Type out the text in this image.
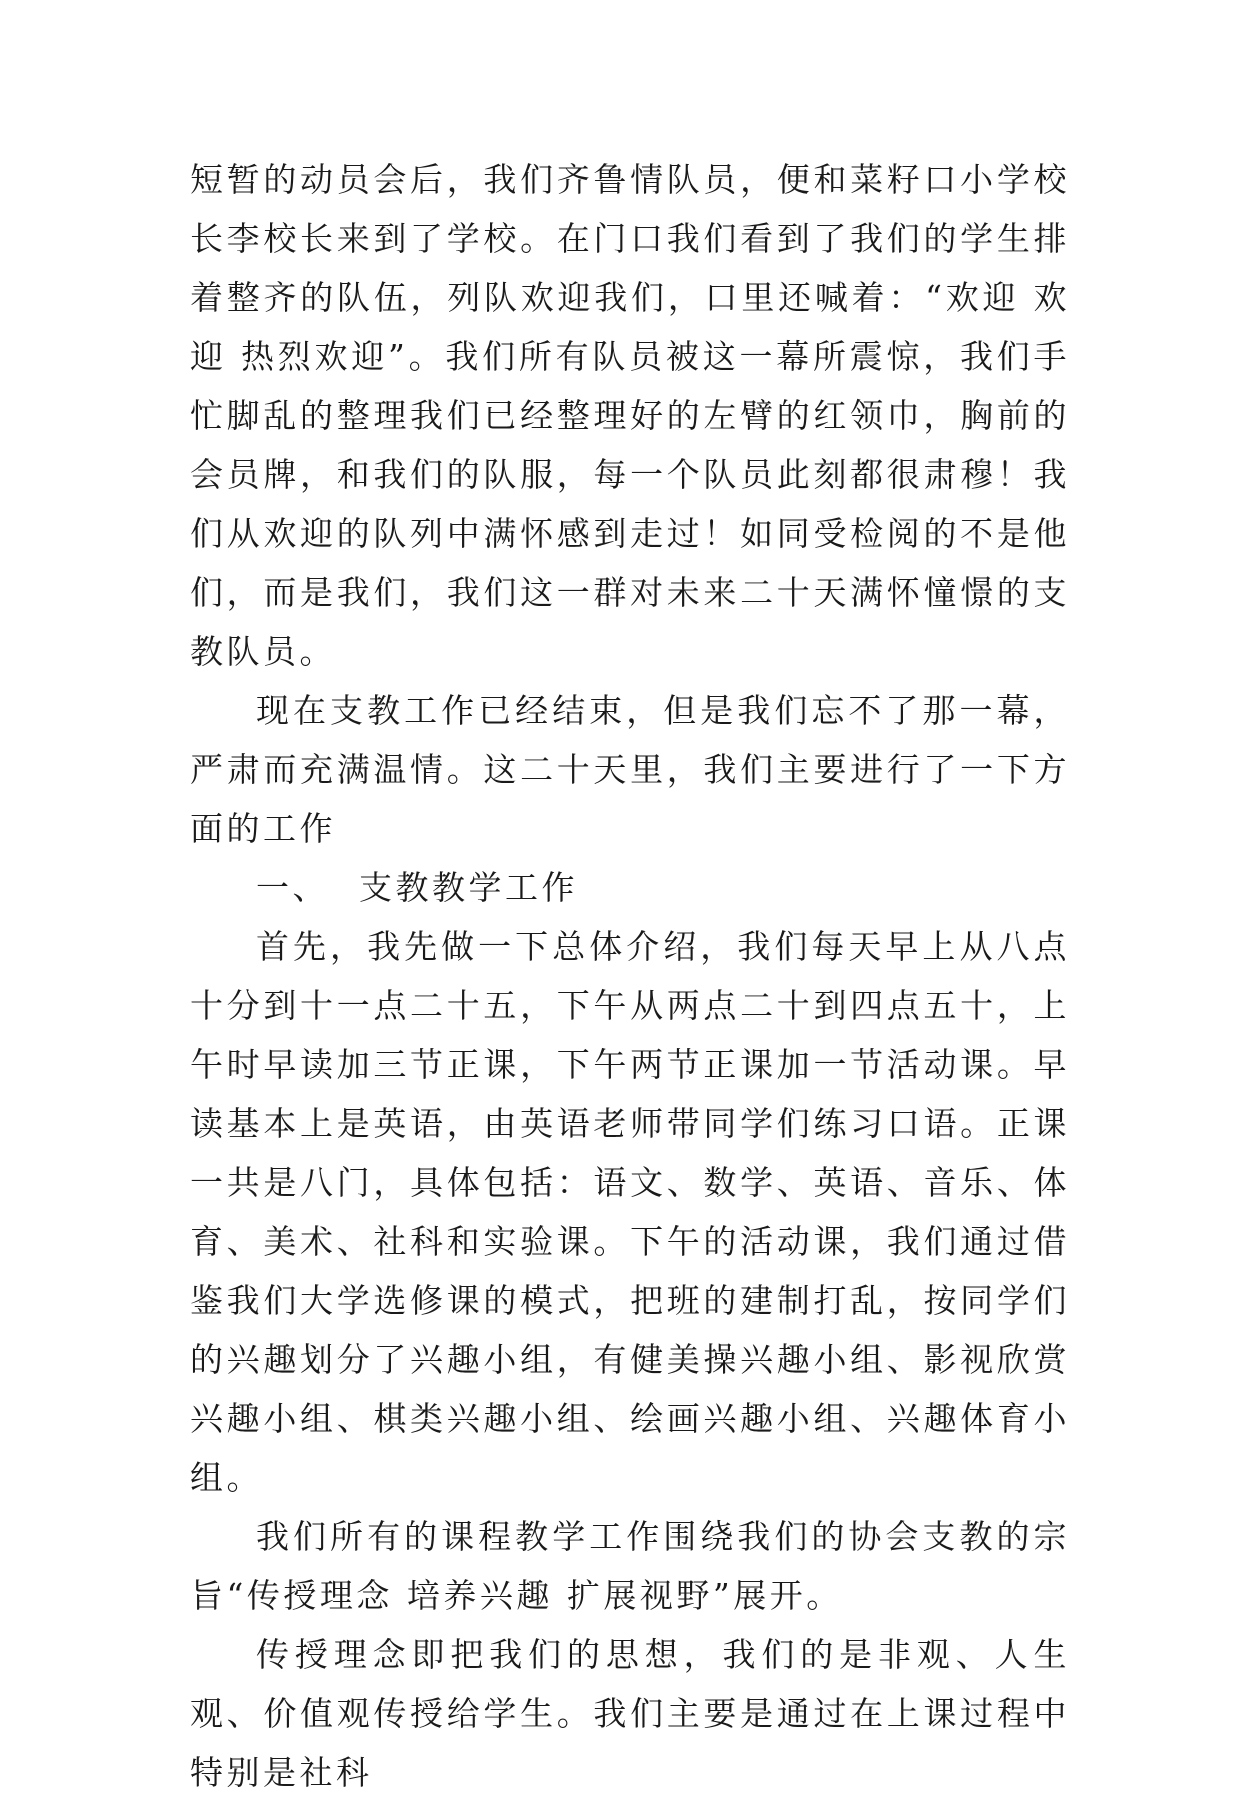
短暂的动员会后，我们齐鲁情队员，便和菜籽口小学校长李校长来到了学校。在门口我们看到了我们的学生排着整齐的队伍，列队欢迎我们，口里还喊着：“欢迎 欢迎 热烈欢迎”。我们所有队员被这一幕所震惊，我们手忙脚乱的整理我们已经整理好的左臂的红领巾，胸前的会员牌，和我们的队服，每一个队员此刻都很肃穆！我们从欢迎的队列中满怀感到走过！如同受检阅的不是他们，而是我们，我们这一群对未来二十天满怀憧憬的支教队员。

现在支教工作已经结束，但是我们忘不了那一幕，严肃而充满温情。这二十天里，我们主要进行了一下方面的工作

一、 支教教学工作

首先，我先做一下总体介绍，我们每天早上从八点十分到十一点二十五，下午从两点二十到四点五十，上午时早读加三节正课，下午两节正课加一节活动课。早读基本上是英语，由英语老师带同学们练习口语。正课一共是八门，具体包括：语文、数学、英语、音乐、体育、美术、社科和实验课。下午的活动课，我们通过借鉴我们大学选修课的模式，把班的建制打乱，按同学们的兴趣划分了兴趣小组，有健美操兴趣小组、影视欣赏兴趣小组、棋类兴趣小组、绘画兴趣小组、兴趣体育小组。

我们所有的课程教学工作围绕我们的协会支教的宗旨“传授理念 培养兴趣 扩展视野”展开。

传授理念即把我们的思想，我们的是非观、人生观、价值观传授给学生。我们主要是通过在上课过程中特别是社科
